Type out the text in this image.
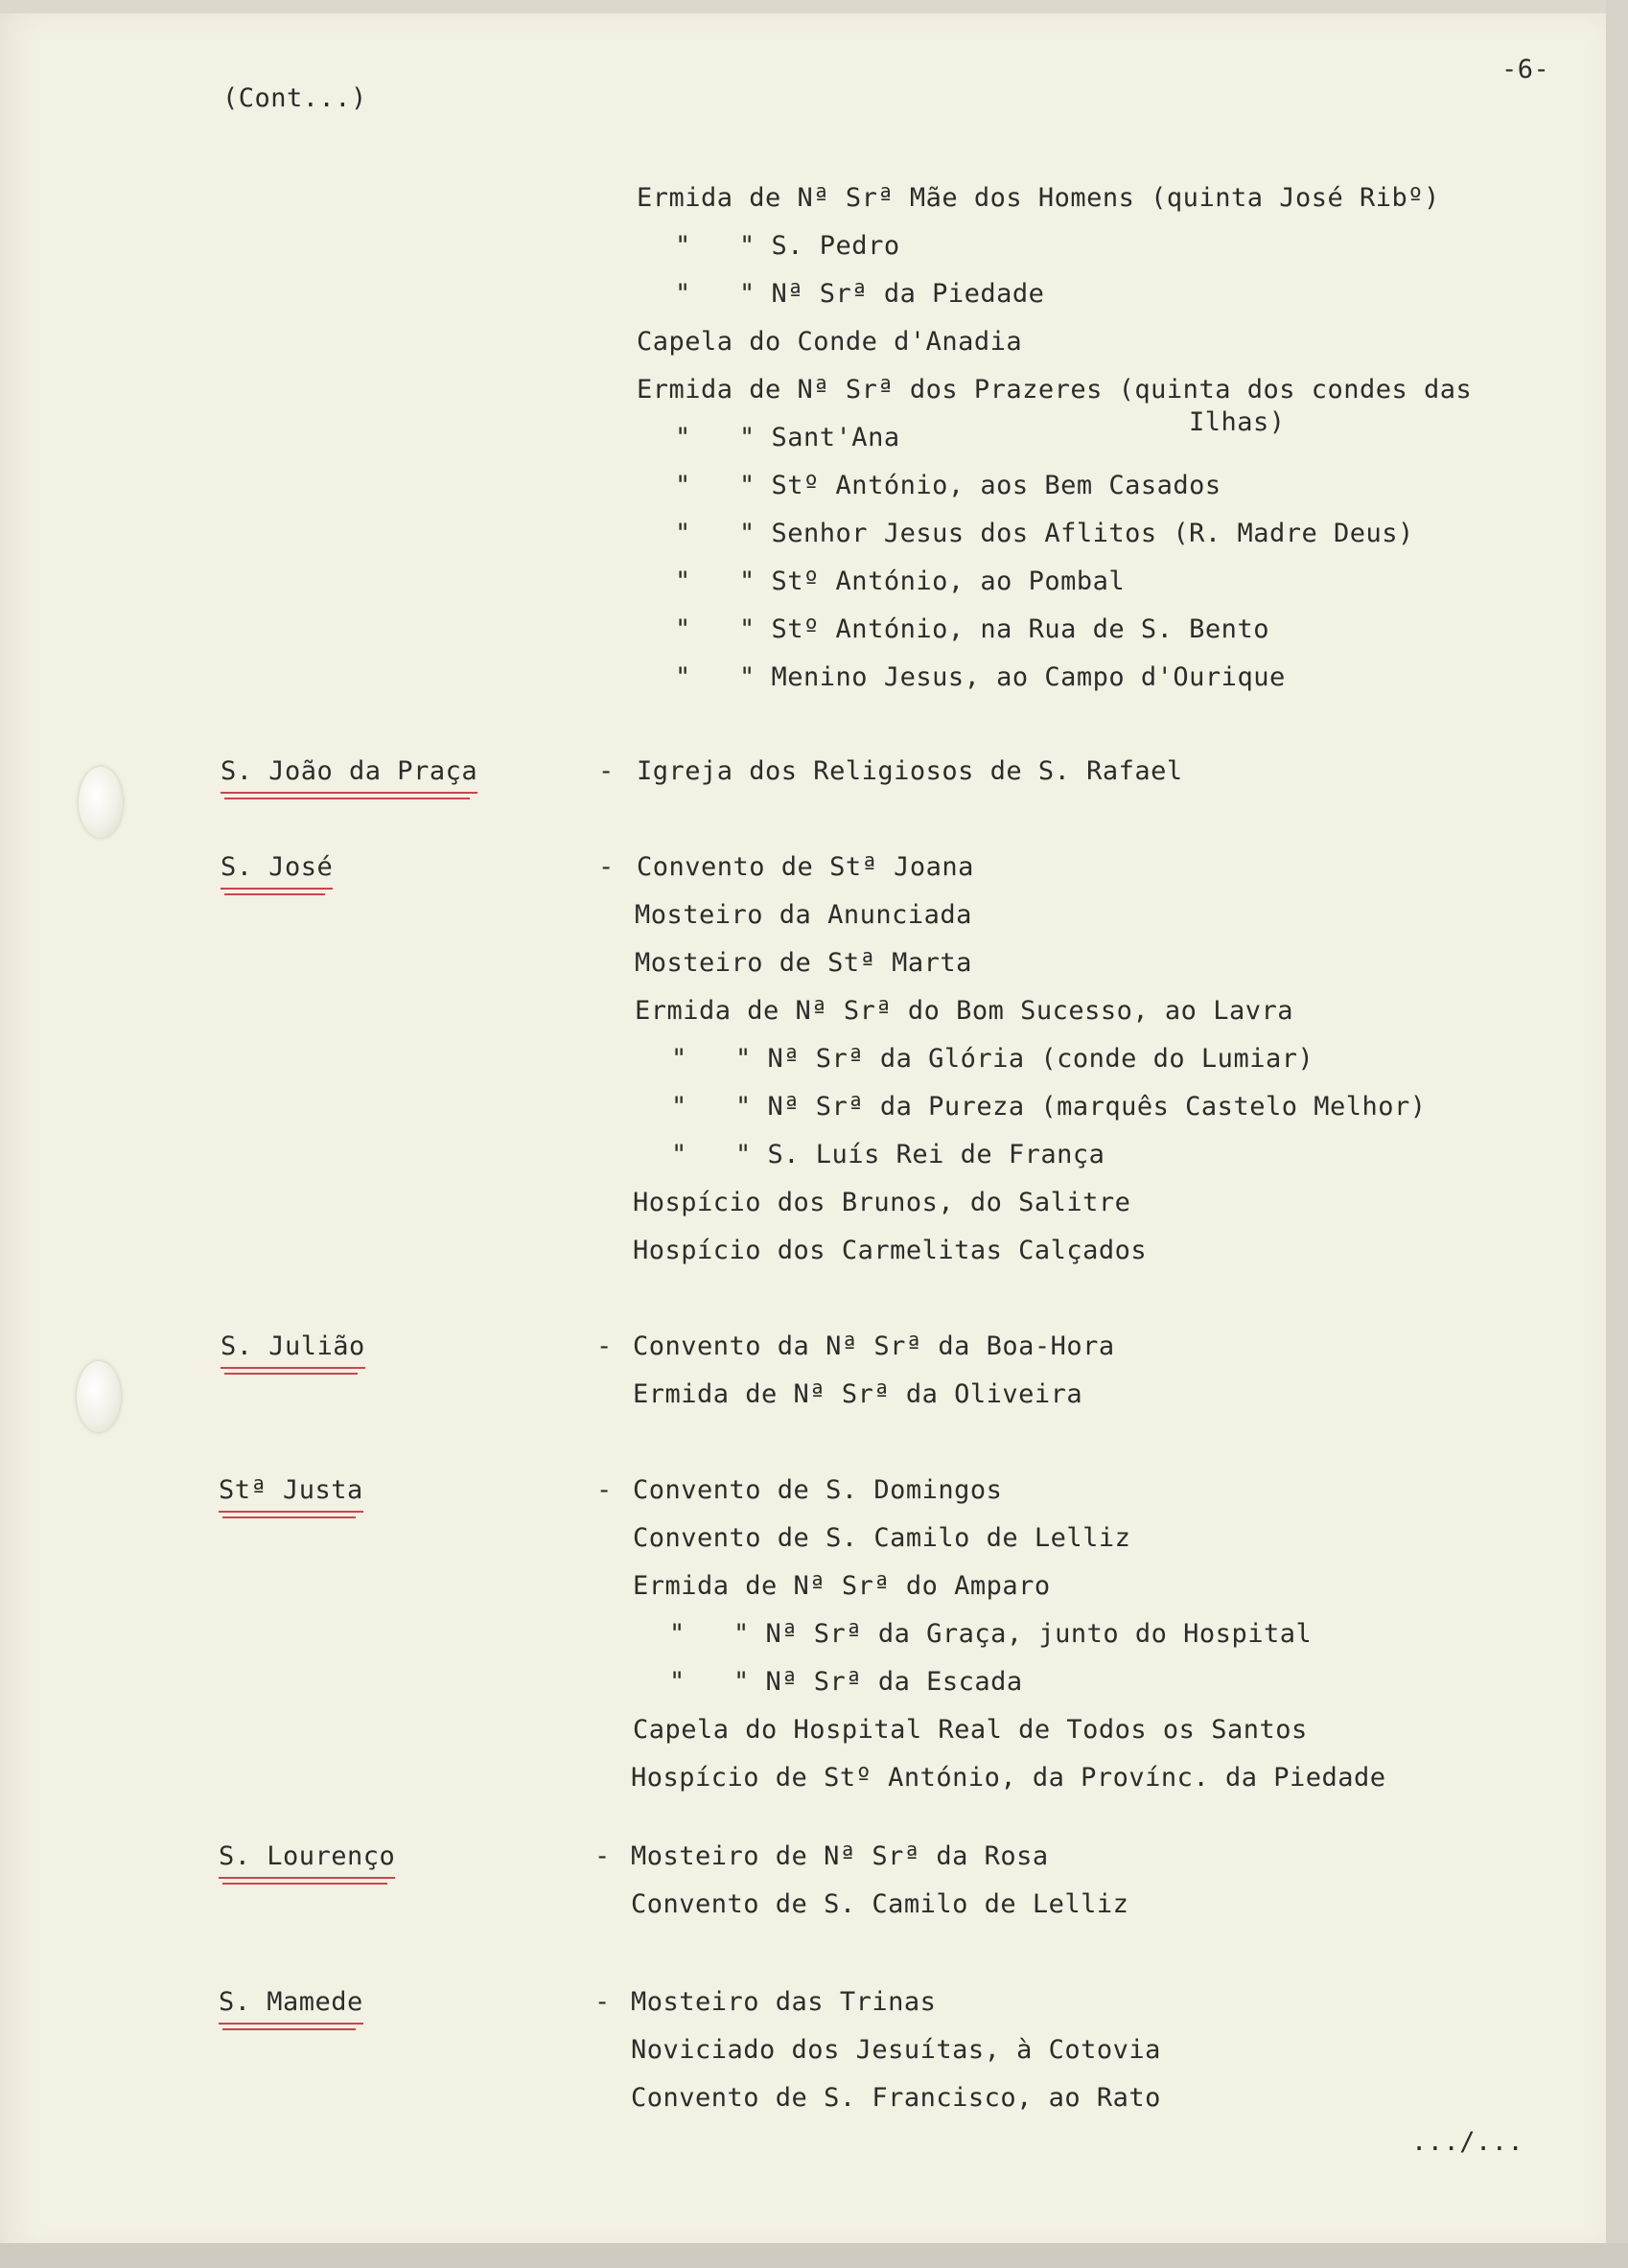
(Cont...)
-6-
Ermida de Nª Srª Mãe dos Homens (quinta José Ribº)
"   " S. Pedro
"   " Nª Srª da Piedade
Capela do Conde d'Anadia
Ermida de Nª Srª dos Prazeres (quinta dos condes das
Ilhas)
"   " Sant'Ana
"   " Stº António, aos Bem Casados
"   " Senhor Jesus dos Aflitos (R. Madre Deus)
"   " Stº António, ao Pombal
"   " Stº António, na Rua de S. Bento
"   " Menino Jesus, ao Campo d'Ourique
S. João da Praça	- Igreja dos Religiosos de S. Rafael
S. José	- Convento de Stª Joana
Mosteiro da Anunciada
Mosteiro de Stª Marta
Ermida de Nª Srª do Bom Sucesso, ao Lavra
"   " Nª Srª da Glória (conde do Lumiar)
"   " Nª Srª da Pureza (marquês Castelo Melhor)
"   " S. Luís Rei de França
Hospício dos Brunos, do Salitre
Hospício dos Carmelitas Calçados
S. Julião	- Convento da Nª Srª da Boa-Hora
Ermida de Nª Srª da Oliveira
Stª Justa	- Convento de S. Domingos
Convento de S. Camilo de Lelliz
Ermida de Nª Srª do Amparo
"   " Nª Srª da Graça, junto do Hospital
"   " Nª Srª da Escada
Capela do Hospital Real de Todos os Santos
Hospício de Stº António, da Provínc. da Piedade
S. Lourenço	- Mosteiro de Nª Srª da Rosa
Convento de S. Camilo de Lelliz
S. Mamede	- Mosteiro das Trinas
Noviciado dos Jesuítas, à Cotovia
Convento de S. Francisco, ao Rato
.../...
